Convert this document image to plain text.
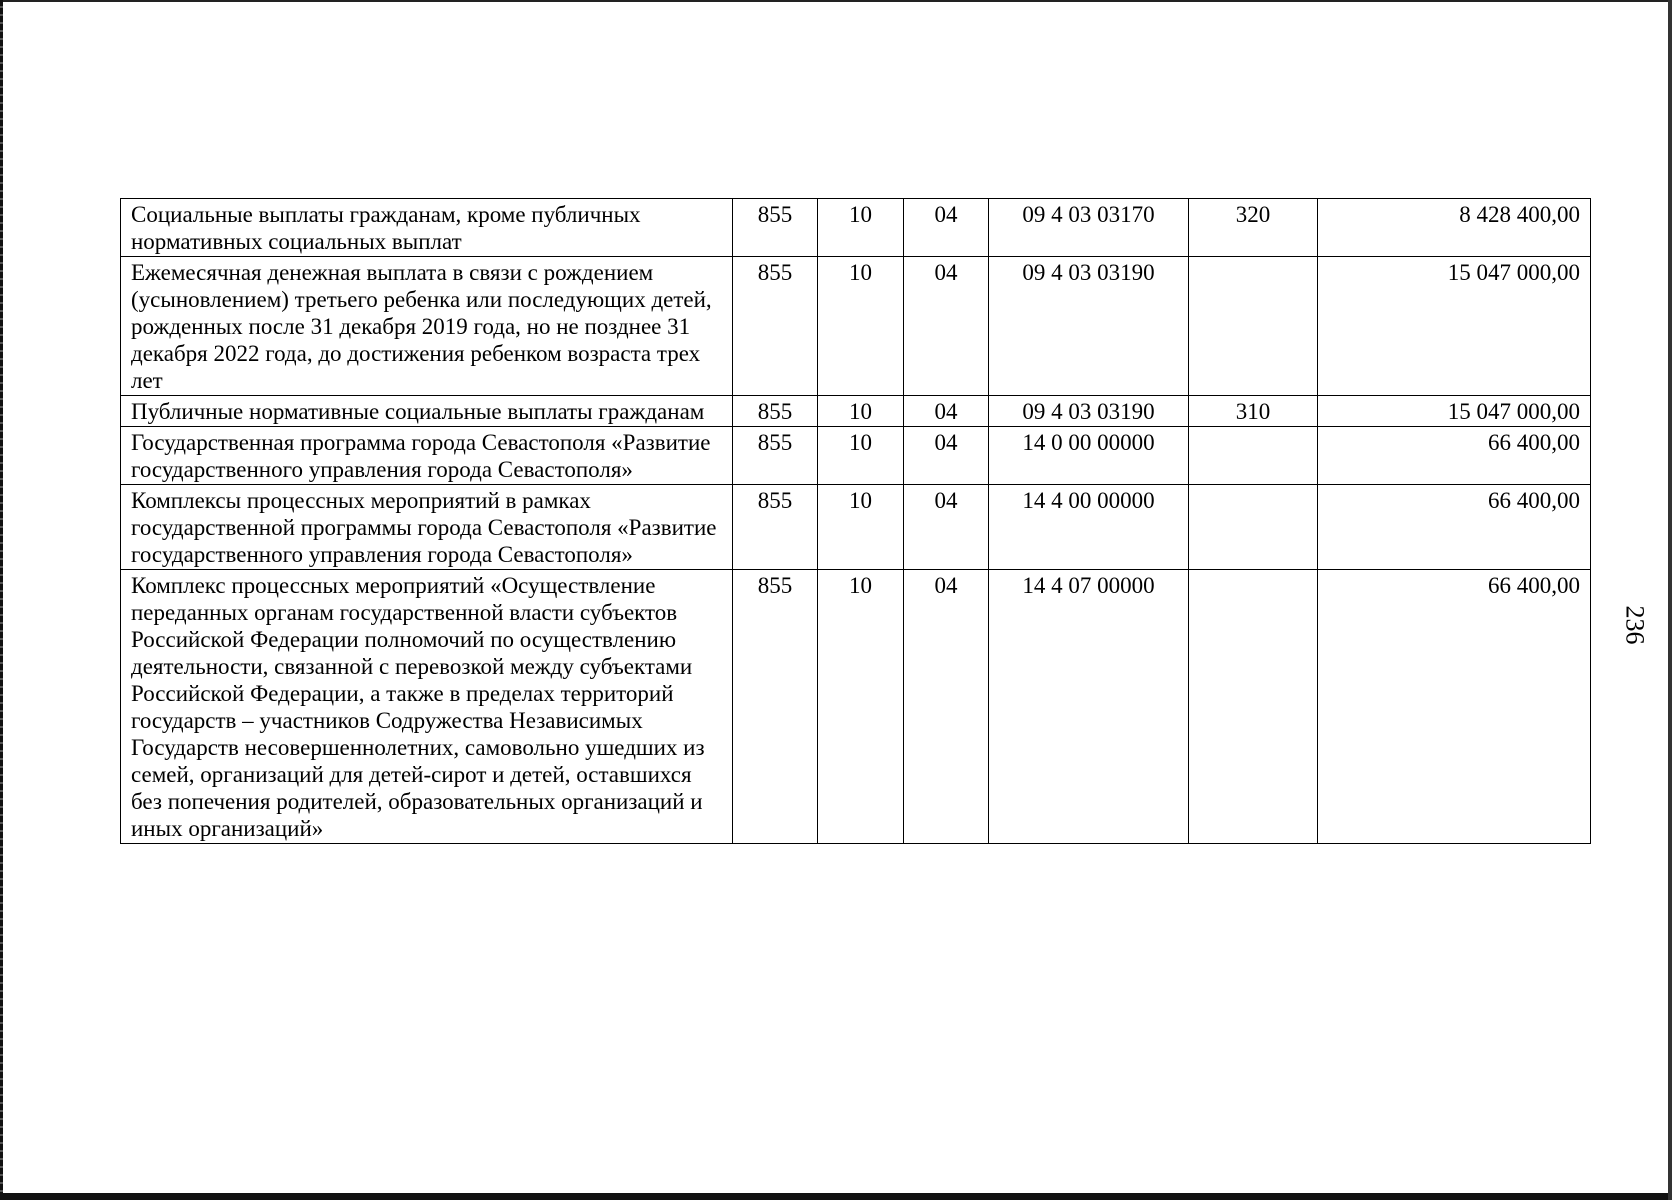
Социальные выплаты гражданам, кроме публичных нормативных социальных выплат	855	10	04	09 4 03 03170	320	8 428 400,00
Ежемесячная денежная выплата в связи с рождением (усыновлением) третьего ребенка или последующих детей, рожденных после 31 декабря 2019 года, но не позднее 31 декабря 2022 года, до достижения ребенком возраста трех лет	855	10	04	09 4 03 03190		15 047 000,00
Публичные нормативные социальные выплаты гражданам	855	10	04	09 4 03 03190	310	15 047 000,00
Государственная программа города Севастополя «Развитие государственного управления города Севастополя»	855	10	04	14 0 00 00000		66 400,00
Комплексы процессных мероприятий в рамках государственной программы города Севастополя «Развитие государственного управления города Севастополя»	855	10	04	14 4 00 00000		66 400,00
Комплекс процессных мероприятий «Осуществление переданных органам государственной власти субъектов Российской Федерации полномочий по осуществлению деятельности, связанной с перевозкой между субъектами Российской Федерации, а также в пределах территорий государств – участников Содружества Независимых Государств несовершеннолетних, самовольно ушедших из семей, организаций для детей-сирот и детей, оставшихся без попечения родителей, образовательных организаций и иных организаций»	855	10	04	14 4 07 00000		66 400,00
236
